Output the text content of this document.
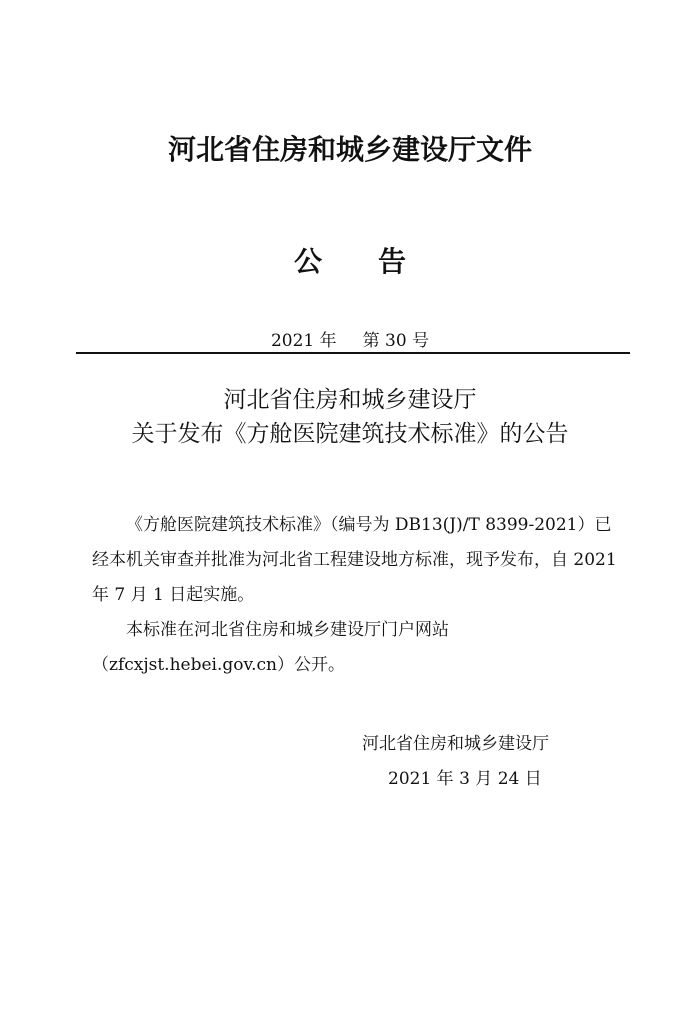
河北省住房和城乡建设厅文件
公 告
2021 年 第 30 号
河北省住房和城乡建设厅
关于发布《方舱医院建筑技术标准》的公告

《方舱医院建筑技术标准》（编号为 DB13(J)/T 8399-2021）已经本机关审查并批准为河北省工程建设地方标准，现予发布，自 2021 年 7 月 1 日起实施。

本标准在河北省住房和城乡建设厅门户网站（zfcxjst.hebei.gov.cn）公开。

河北省住房和城乡建设厅
2021 年 3 月 24 日
